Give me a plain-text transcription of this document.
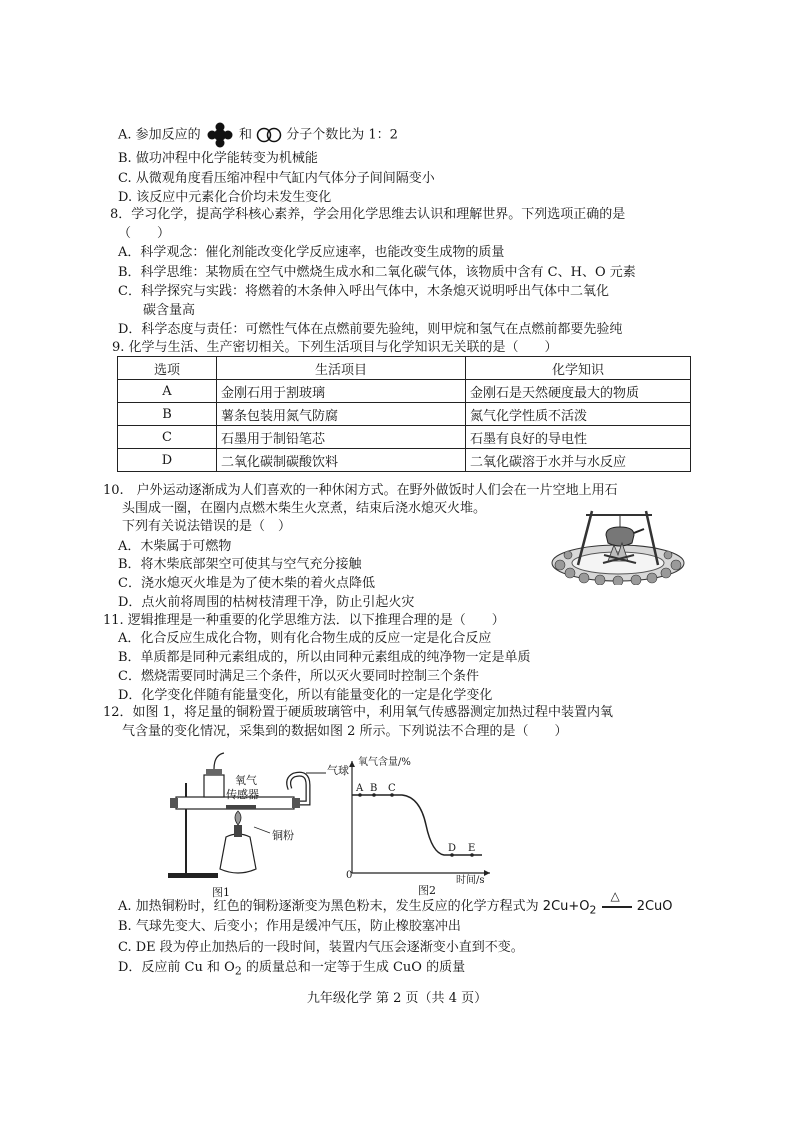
A. 参加反应的	和	分子个数比为 1：2
B. 做功冲程中化学能转变为机械能
C. 从微观角度看压缩冲程中气缸内气体分子间间隔变小
D. 该反应中元素化合价均未发生变化
8．学习化学，提高学科核心素养，学会用化学思维去认识和理解世界。下列选项正确的是
（　　）
A．科学观念：催化剂能改变化学反应速率，也能改变生成物的质量
B．科学思维：某物质在空气中燃烧生成水和二氧化碳气体，该物质中含有 C、H、O 元素
C．科学探究与实践：将燃着的木条伸入呼出气体中，木条熄灭说明呼出气体中二氧化
碳含量高
D．科学态度与责任：可燃性气体在点燃前要先验纯，则甲烷和氢气在点燃前都要先验纯
9. 化学与生活、生产密切相关。下列生活项目与化学知识无关联的是（　　）
选项	生活项目	化学知识
A	金刚石用于割玻璃	金刚石是天然硬度最大的物质
B	薯条包装用氮气防腐	氮气化学性质不活泼
C	石墨用于制铅笔芯	石墨有良好的导电性
D	二氧化碳制碳酸饮料	二氧化碳溶于水并与水反应
10.　户外运动逐渐成为人们喜欢的一种休闲方式。在野外做饭时人们会在一片空地上用石
头围成一圈，在圈内点燃木柴生火烹煮，结束后浇水熄灭火堆。
下列有关说法错误的是（　）
A．木柴属于可燃物
B．将木柴底部架空可使其与空气充分接触
C．浇水熄灭火堆是为了使木柴的着火点降低
D．点火前将周围的枯树枝清理干净，防止引起火灾
11. 逻辑推理是一种重要的化学思维方法．以下推理合理的是（　　）
A．化合反应生成化合物，则有化合物生成的反应一定是化合反应
B．单质都是同种元素组成的，所以由同种元素组成的纯净物一定是单质
C．燃烧需要同时满足三个条件，所以灭火要同时控制三个条件
D．化学变化伴随有能量变化，所以有能量变化的一定是化学变化
12．如图 1，将足量的铜粉置于硬质玻璃管中，利用氧气传感器测定加热过程中装置内氧
气含量的变化情况，采集到的数据如图 2 所示。下列说法不合理的是（　　）
氧气
传感器
气球
铜粉
图1
氧气含量/%
时间/s
0
A B C
D E
图2
A. 加热铜粉时，红色的铜粉逐渐变为黑色粉末，发生反应的化学方程式为 $2Cu+O_2$
△
2CuO
B. 气球先变大、后变小；作用是缓冲气压，防止橡胶塞冲出
C. DE 段为停止加热后的一段时间，装置内气压会逐渐变小直到不变。
D．反应前 Cu 和 $O_2$ 的质量总和一定等于生成 CuO 的质量
九年级化学 第 2 页（共 4 页）
